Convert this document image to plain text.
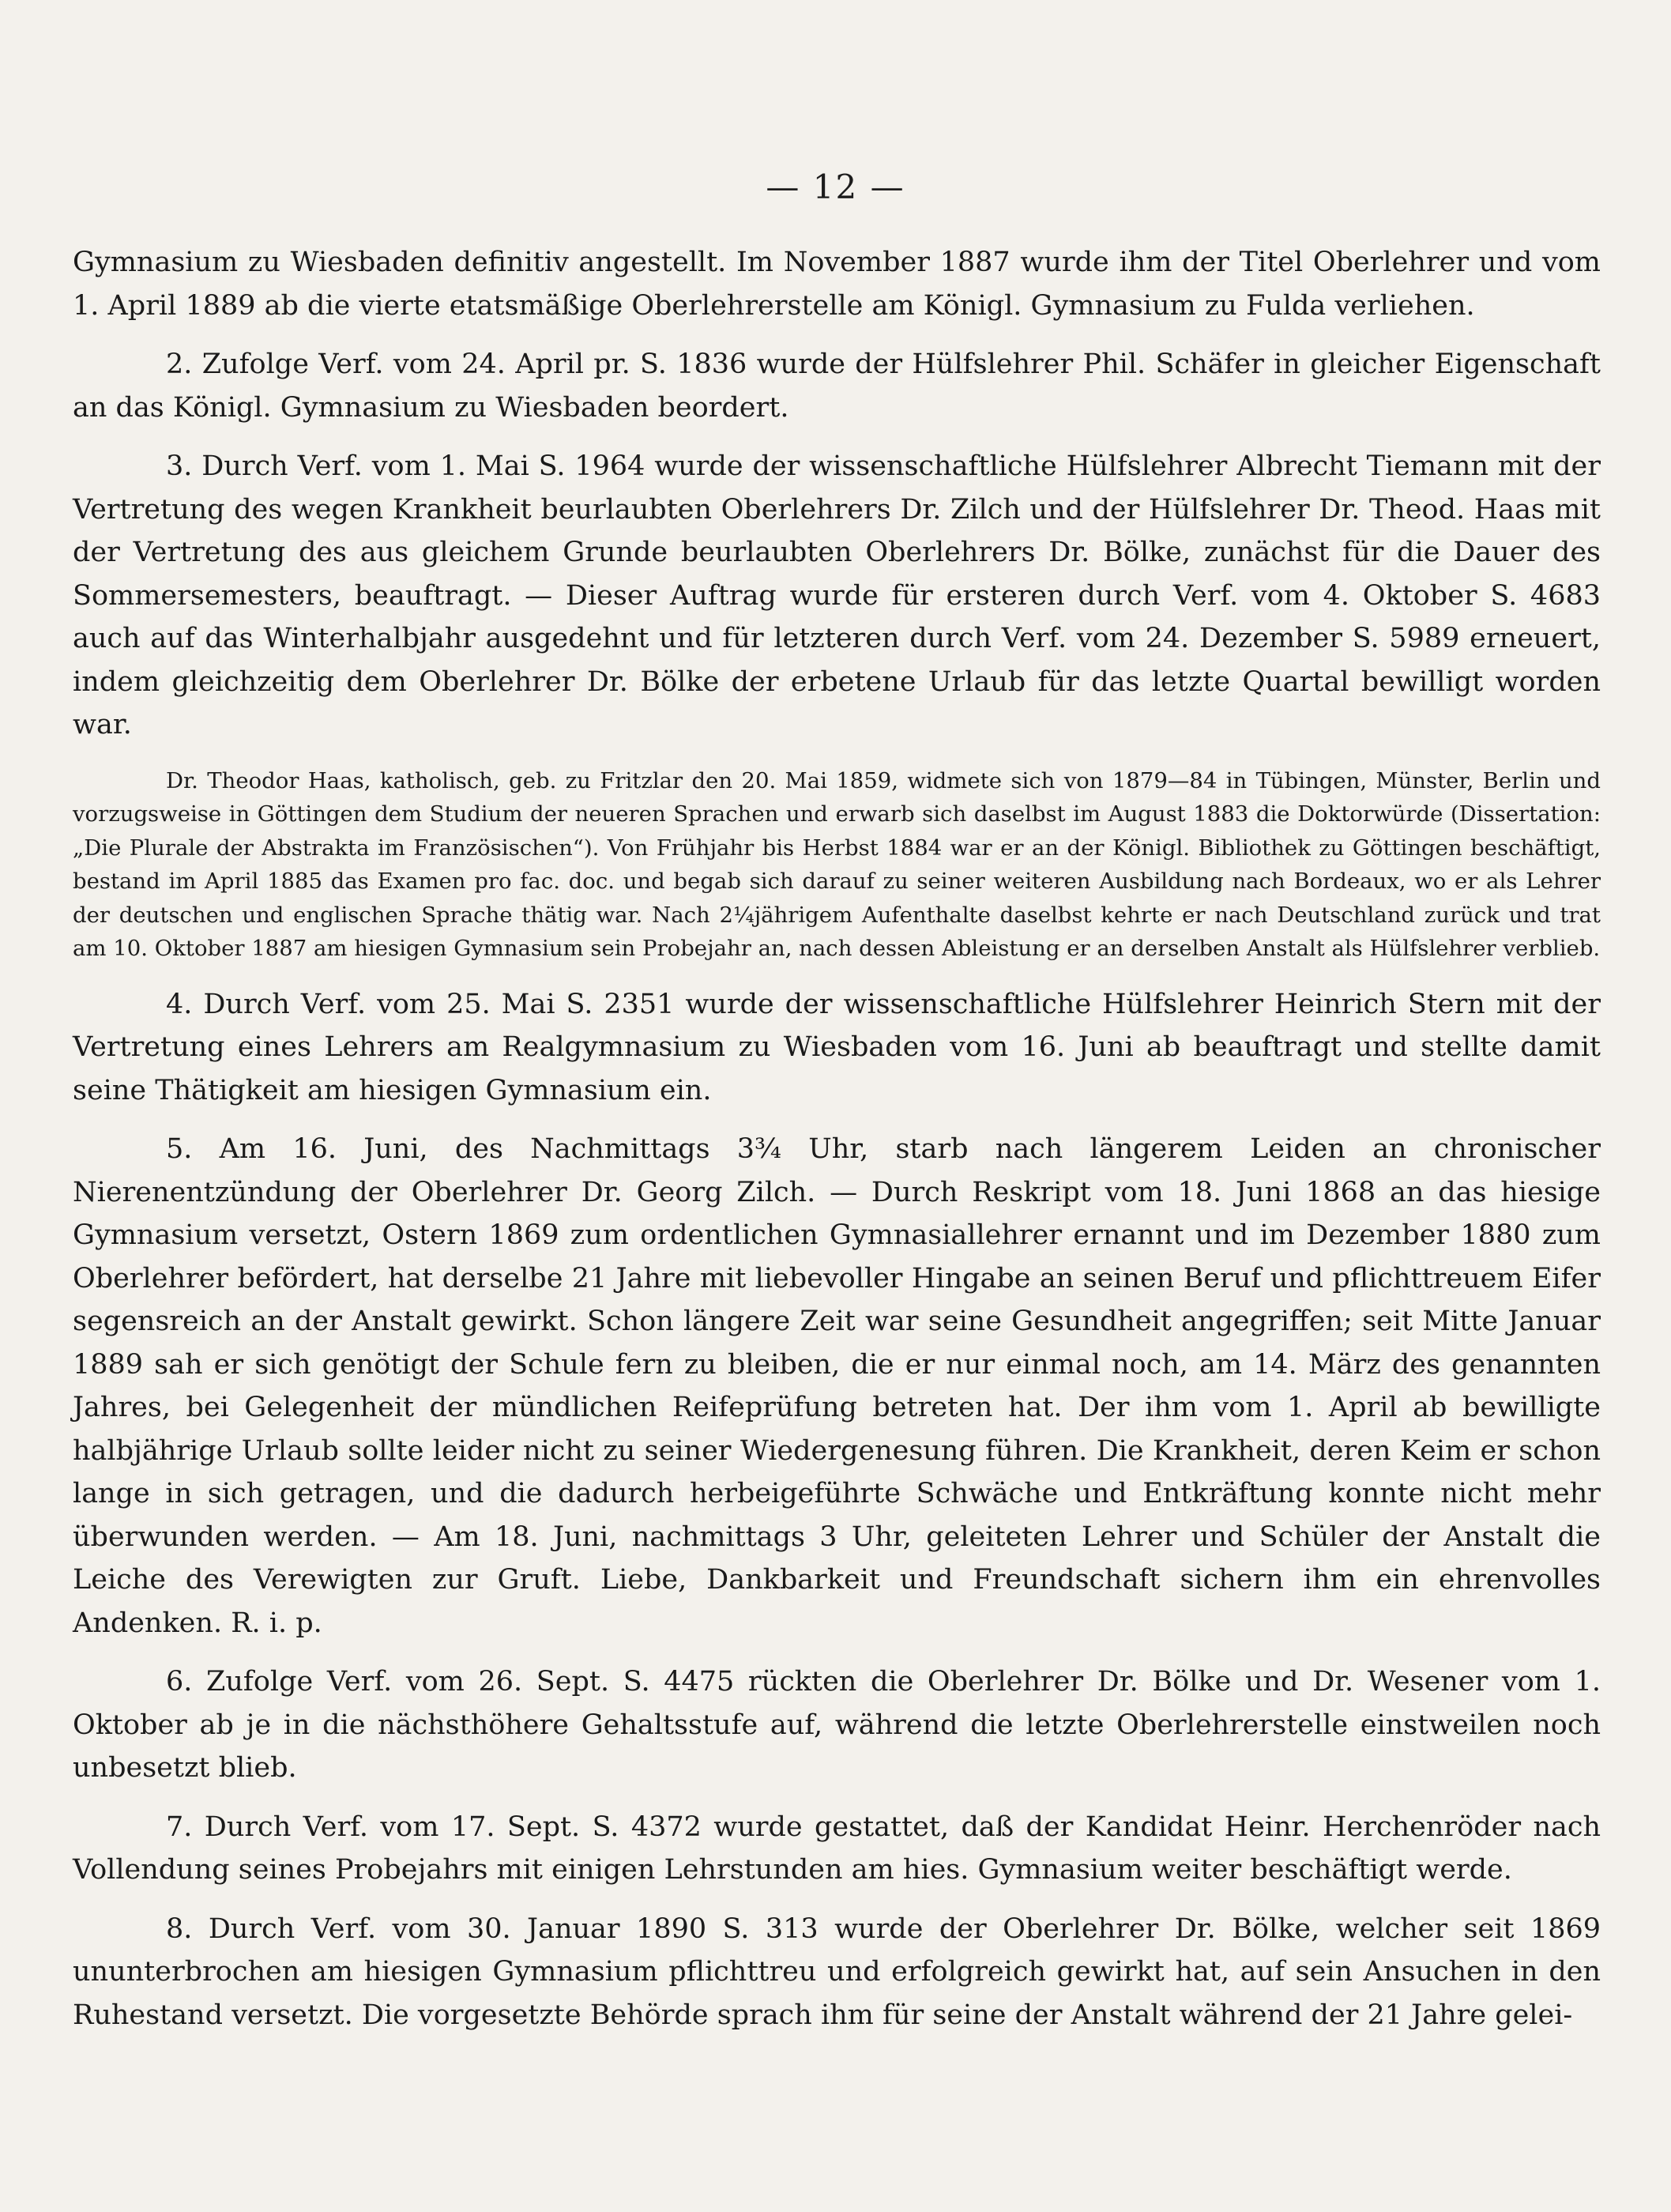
— 12 —

Gymnasium zu Wiesbaden definitiv angestellt. Im November 1887 wurde ihm der Titel Oberlehrer und vom 1. April 1889 ab die vierte etatsmäßige Oberlehrerstelle am Königl. Gymnasium zu Fulda verliehen.

2. Zufolge Verf. vom 24. April pr. S. 1836 wurde der Hülfslehrer Phil. Schäfer in gleicher Eigenschaft an das Königl. Gymnasium zu Wiesbaden beordert.

3. Durch Verf. vom 1. Mai S. 1964 wurde der wissenschaftliche Hülfslehrer Albrecht Tiemann mit der Vertretung des wegen Krankheit beurlaubten Oberlehrers Dr. Zilch und der Hülfslehrer Dr. Theod. Haas mit der Vertretung des aus gleichem Grunde beurlaubten Oberlehrers Dr. Bölke, zunächst für die Dauer des Sommersemesters, beauftragt. — Dieser Auftrag wurde für ersteren durch Verf. vom 4. Oktober S. 4683 auch auf das Winterhalbjahr ausgedehnt und für letzteren durch Verf. vom 24. Dezember S. 5989 erneuert, indem gleichzeitig dem Oberlehrer Dr. Bölke der erbetene Urlaub für das letzte Quartal bewilligt worden war.

Dr. Theodor Haas, katholisch, geb. zu Fritzlar den 20. Mai 1859, widmete sich von 1879—84 in Tübingen, Münster, Berlin und vorzugsweise in Göttingen dem Studium der neueren Sprachen und erwarb sich daselbst im August 1883 die Doktorwürde (Dissertation: „Die Plurale der Abstrakta im Französischen“). Von Frühjahr bis Herbst 1884 war er an der Königl. Bibliothek zu Göttingen beschäftigt, bestand im April 1885 das Examen pro fac. doc. und begab sich darauf zu seiner weiteren Ausbildung nach Bordeaux, wo er als Lehrer der deutschen und englischen Sprache thätig war. Nach 2¼jährigem Aufenthalte daselbst kehrte er nach Deutschland zurück und trat am 10. Oktober 1887 am hiesigen Gymnasium sein Probejahr an, nach dessen Ableistung er an derselben Anstalt als Hülfslehrer verblieb.

4. Durch Verf. vom 25. Mai S. 2351 wurde der wissenschaftliche Hülfslehrer Heinrich Stern mit der Vertretung eines Lehrers am Realgymnasium zu Wiesbaden vom 16. Juni ab beauftragt und stellte damit seine Thätigkeit am hiesigen Gymnasium ein.

5. Am 16. Juni, des Nachmittags 3¾ Uhr, starb nach längerem Leiden an chronischer Nierenentzündung der Oberlehrer Dr. Georg Zilch. — Durch Reskript vom 18. Juni 1868 an das hiesige Gymnasium versetzt, Ostern 1869 zum ordentlichen Gymnasiallehrer ernannt und im Dezember 1880 zum Oberlehrer befördert, hat derselbe 21 Jahre mit liebevoller Hingabe an seinen Beruf und pflichttreuem Eifer segensreich an der Anstalt gewirkt. Schon längere Zeit war seine Gesundheit angegriffen; seit Mitte Januar 1889 sah er sich genötigt der Schule fern zu bleiben, die er nur einmal noch, am 14. März des genannten Jahres, bei Gelegenheit der mündlichen Reifeprüfung betreten hat. Der ihm vom 1. April ab bewilligte halbjährige Urlaub sollte leider nicht zu seiner Wiedergenesung führen. Die Krankheit, deren Keim er schon lange in sich getragen, und die dadurch herbeigeführte Schwäche und Entkräftung konnte nicht mehr überwunden werden. — Am 18. Juni, nachmittags 3 Uhr, geleiteten Lehrer und Schüler der Anstalt die Leiche des Verewigten zur Gruft. Liebe, Dankbarkeit und Freundschaft sichern ihm ein ehrenvolles Andenken. R. i. p.

6. Zufolge Verf. vom 26. Sept. S. 4475 rückten die Oberlehrer Dr. Bölke und Dr. Wesener vom 1. Oktober ab je in die nächsthöhere Gehaltsstufe auf, während die letzte Oberlehrerstelle einstweilen noch unbesetzt blieb.

7. Durch Verf. vom 17. Sept. S. 4372 wurde gestattet, daß der Kandidat Heinr. Herchenröder nach Vollendung seines Probejahrs mit einigen Lehrstunden am hies. Gymnasium weiter beschäftigt werde.

8. Durch Verf. vom 30. Januar 1890 S. 313 wurde der Oberlehrer Dr. Bölke, welcher seit 1869 ununterbrochen am hiesigen Gymnasium pflichttreu und erfolgreich gewirkt hat, auf sein Ansuchen in den Ruhestand versetzt. Die vorgesetzte Behörde sprach ihm für seine der Anstalt während der 21 Jahre gelei-
